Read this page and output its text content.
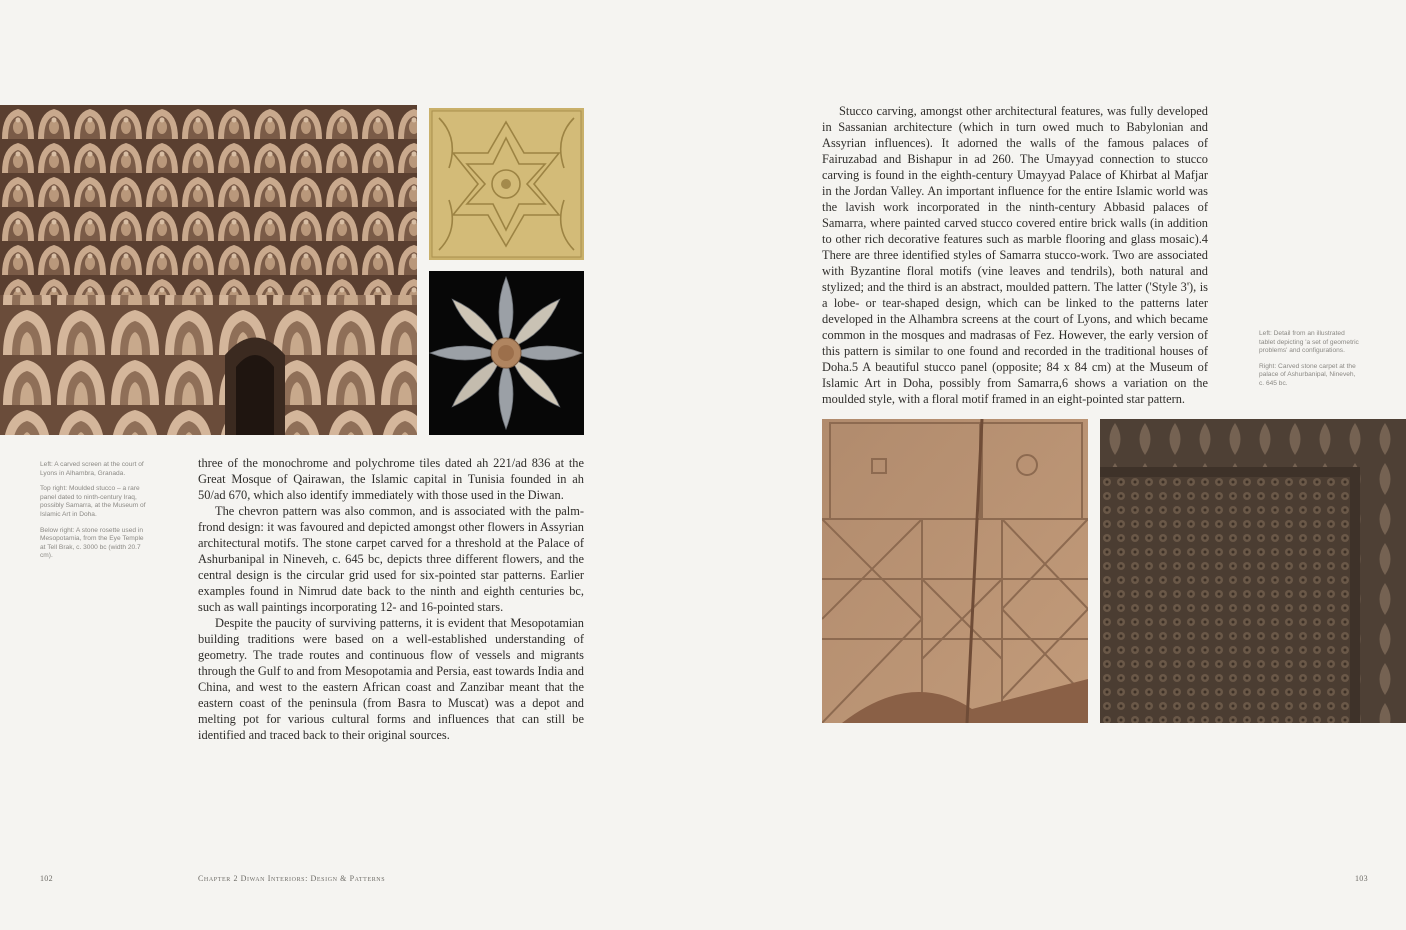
Left: A carved screen at the court of Lyons in Alhambra, Granada.

Top right: Moulded stucco – a rare panel dated to ninth-century Iraq, possibly Samarra, at the Museum of Islamic Art in Doha.

Below right: A stone rosette used in Mesopotamia, from the Eye Temple at Tell Brak, c. 3000 bc (width 20.7 cm).

three of the monochrome and polychrome tiles dated ah 221/ad 836 at the Great Mosque of Qairawan, the Islamic capital in Tunisia founded in ah 50/ad 670, which also identify immediately with those used in the Diwan.

The chevron pattern was also common, and is associated with the palm-frond design: it was favoured and depicted amongst other flowers in Assyrian architectural motifs. The stone carpet carved for a threshold at the Palace of Ashurbanipal in Nineveh, c. 645 bc, depicts three different flowers, and the central design is the circular grid used for six-pointed star patterns. Earlier examples found in Nimrud date back to the ninth and eighth centuries bc, such as wall paintings incorporating 12- and 16-pointed stars.

Despite the paucity of surviving patterns, it is evident that Mesopotamian building traditions were based on a well-established understanding of geometry. The trade routes and continuous flow of vessels and migrants through the Gulf to and from Mesopotamia and Persia, east towards India and China, and west to the eastern African coast and Zanzibar meant that the eastern coast of the peninsula (from Basra to Muscat) was a depot and melting pot for various cultural forms and influences that can still be identified and traced back to their original sources.

Stucco carving, amongst other architectural features, was fully developed in Sassanian architecture (which in turn owed much to Babylonian and Assyrian influences). It adorned the walls of the famous palaces of Fairuzabad and Bishapur in ad 260. The Umayyad connection to stucco carving is found in the eighth-century Umayyad Palace of Khirbat al Mafjar in the Jordan Valley. An important influence for the entire Islamic world was the lavish work incorporated in the ninth-century Abbasid palaces of Samarra, where painted carved stucco covered entire brick walls (in addition to other rich decorative features such as marble flooring and glass mosaic).4 There are three identified styles of Samarra stucco-work. Two are associated with Byzantine floral motifs (vine leaves and tendrils), both natural and stylized; and the third is an abstract, moulded pattern. The latter ('Style 3'), is a lobe- or tear-shaped design, which can be linked to the patterns later developed in the Alhambra screens at the court of Lyons, and which became common in the mosques and madrasas of Fez. However, the early version of this pattern is similar to one found and recorded in the traditional houses of Doha.5 A beautiful stucco panel (opposite; 84 x 84 cm) at the Museum of Islamic Art in Doha, possibly from Samarra,6 shows a variation on the moulded style, with a floral motif framed in an eight-pointed star pattern.

Left: Detail from an illustrated tablet depicting 'a set of geometric problems' and configurations.

Right: Carved stone carpet at the palace of Ashurbanipal, Nineveh, c. 645 bc.

102	Chapter 2 Diwan Interiors: Design & Patterns	103
